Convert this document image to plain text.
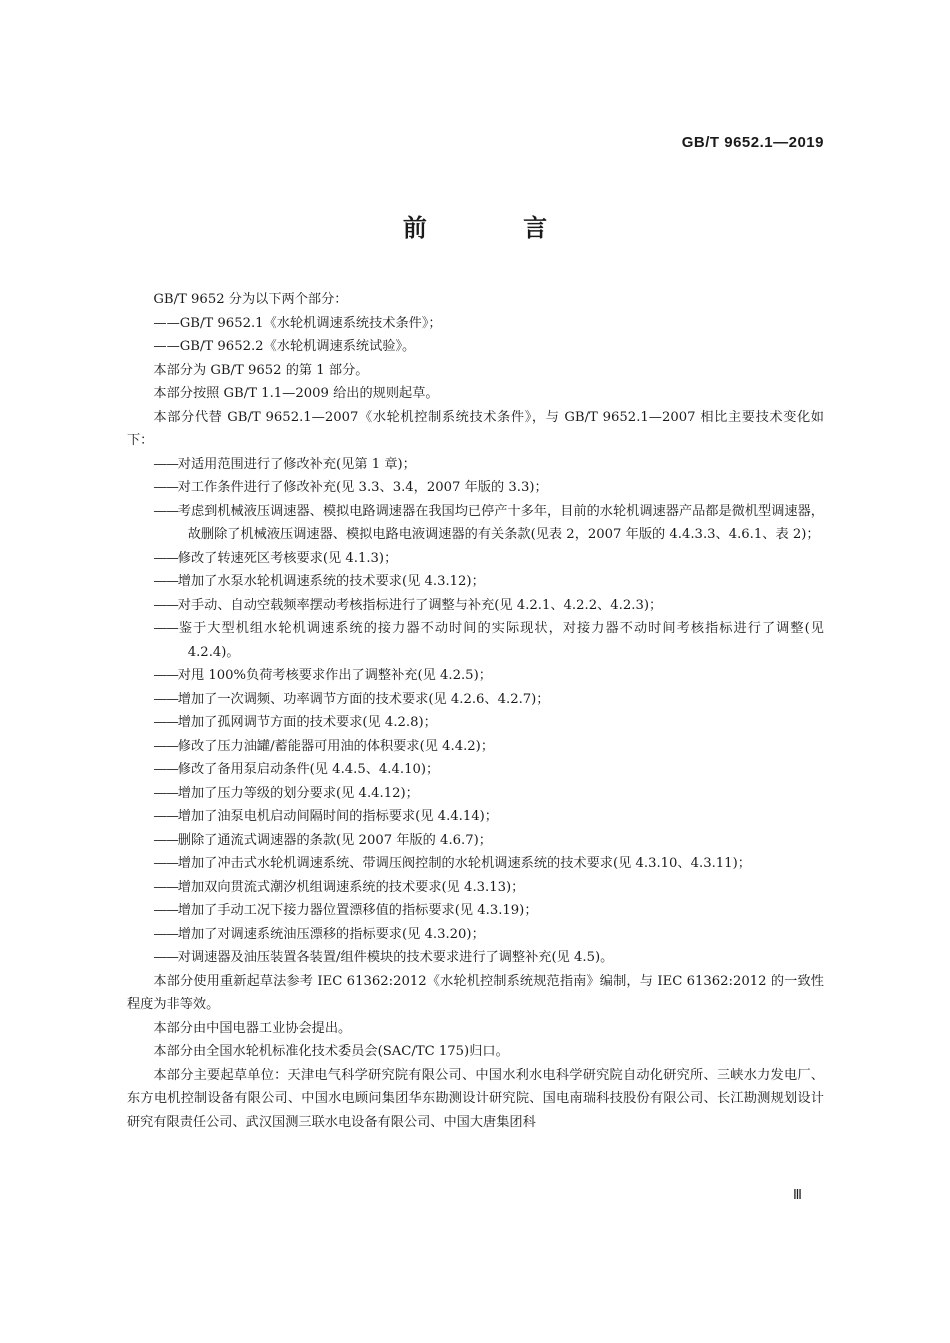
GB/T 9652.1—2019
前 言

GB/T 9652 分为以下两个部分：

——GB/T 9652.1《水轮机调速系统技术条件》；

——GB/T 9652.2《水轮机调速系统试验》。

本部分为 GB/T 9652 的第 1 部分。

本部分按照 GB/T 1.1—2009 给出的规则起草。

本部分代替 GB/T 9652.1—2007《水轮机控制系统技术条件》，与 GB/T 9652.1—2007 相比主要技术变化如下：

——对适用范围进行了修改补充(见第 1 章)；

——对工作条件进行了修改补充(见 3.3、3.4，2007 年版的 3.3)；

——考虑到机械液压调速器、模拟电路调速器在我国均已停产十多年，目前的水轮机调速器产品都是微机型调速器，故删除了机械液压调速器、模拟电路电液调速器的有关条款(见表 2，2007 年版的 4.4.3.3、4.6.1、表 2)；

——修改了转速死区考核要求(见 4.1.3)；

——增加了水泵水轮机调速系统的技术要求(见 4.3.12)；

——对手动、自动空载频率摆动考核指标进行了调整与补充(见 4.2.1、4.2.2、4.2.3)；

——鉴于大型机组水轮机调速系统的接力器不动时间的实际现状，对接力器不动时间考核指标进行了调整(见 4.2.4)。

——对甩 100%负荷考核要求作出了调整补充(见 4.2.5)；

——增加了一次调频、功率调节方面的技术要求(见 4.2.6、4.2.7)；

——增加了孤网调节方面的技术要求(见 4.2.8)；

——修改了压力油罐/蓄能器可用油的体积要求(见 4.4.2)；

——修改了备用泵启动条件(见 4.4.5、4.4.10)；

——增加了压力等级的划分要求(见 4.4.12)；

——增加了油泵电机启动间隔时间的指标要求(见 4.4.14)；

——删除了通流式调速器的条款(见 2007 年版的 4.6.7)；

——增加了冲击式水轮机调速系统、带调压阀控制的水轮机调速系统的技术要求(见 4.3.10、4.3.11)；

——增加双向贯流式潮汐机组调速系统的技术要求(见 4.3.13)；

——增加了手动工况下接力器位置漂移值的指标要求(见 4.3.19)；

——增加了对调速系统油压漂移的指标要求(见 4.3.20)；

——对调速器及油压装置各装置/组件模块的技术要求进行了调整补充(见 4.5)。

本部分使用重新起草法参考 IEC 61362:2012《水轮机控制系统规范指南》编制，与 IEC 61362:2012 的一致性程度为非等效。

本部分由中国电器工业协会提出。

本部分由全国水轮机标准化技术委员会(SAC/TC 175)归口。

本部分主要起草单位：天津电气科学研究院有限公司、中国水利水电科学研究院自动化研究所、三峡水力发电厂、东方电机控制设备有限公司、中国水电顾问集团华东勘测设计研究院、国电南瑞科技股份有限公司、长江勘测规划设计研究有限责任公司、武汉国测三联水电设备有限公司、中国大唐集团科

Ⅲ
